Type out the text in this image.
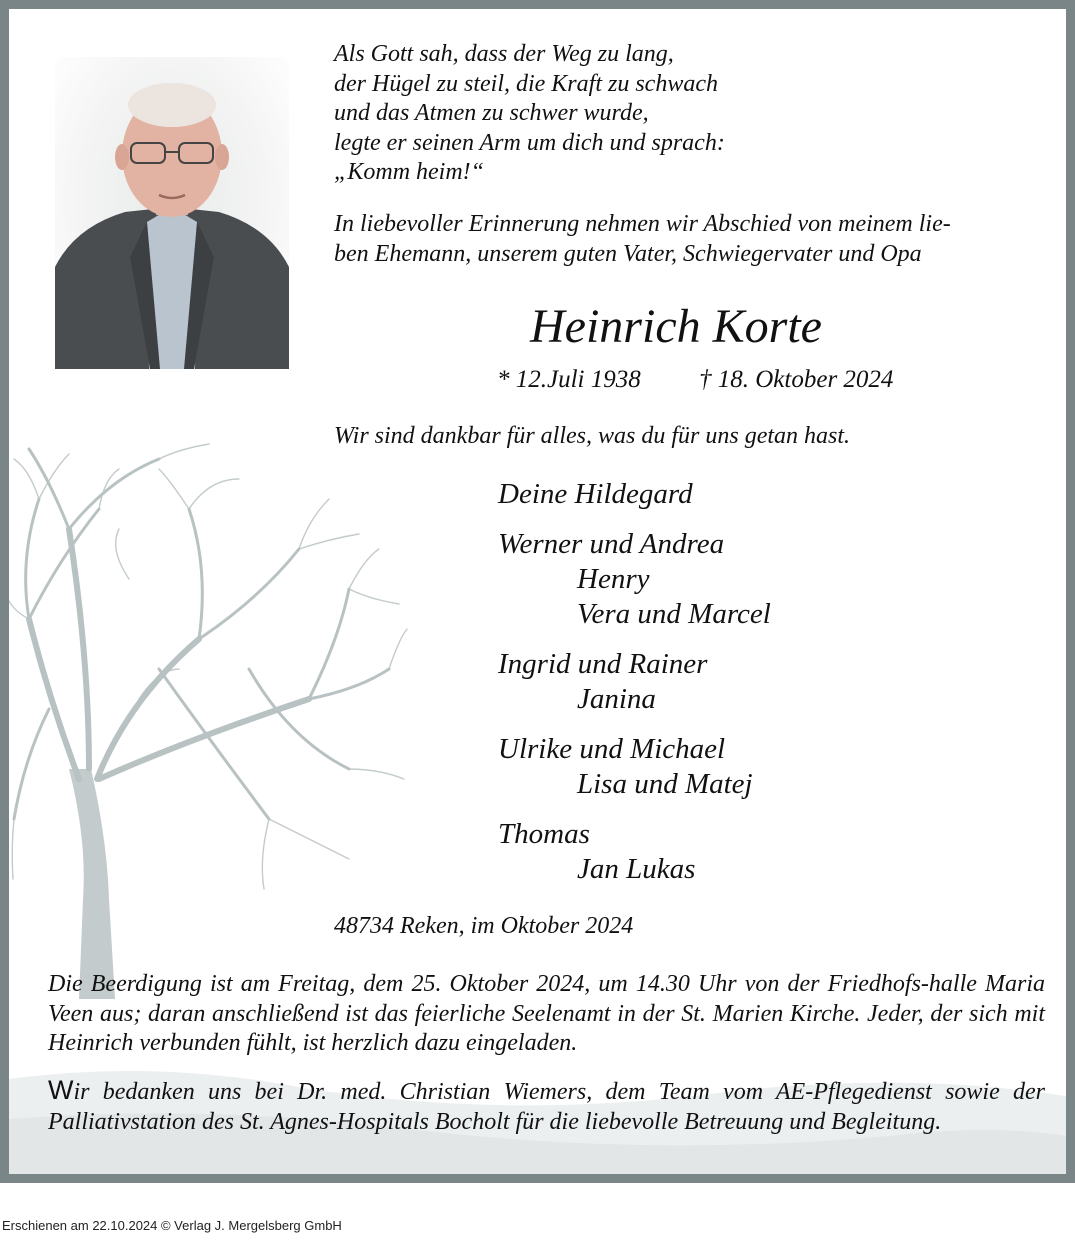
Als Gott sah, dass der Weg zu lang,
der Hügel zu steil, die Kraft zu schwach
und das Atmen zu schwer wurde,
legte er seinen Arm um dich und sprach:
„Komm heim!“
In liebevoller Erinnerung nehmen wir Abschied von meinem lie-
ben Ehemann, unserem guten Vater, Schwiegervater und Opa
Heinrich Korte
* 12.Juli 1938 † 18. Oktober 2024
Wir sind dankbar für alles, was du für uns getan hast.
Deine Hildegard
Werner und Andrea
Henry
Vera und Marcel
Ingrid und Rainer
Janina
Ulrike und Michael
Lisa und Matej
Thomas
Jan Lukas
48734 Reken, im Oktober 2024
Die Beerdigung ist am Freitag, dem 25. Oktober 2024, um 14.30 Uhr von der Friedhofs-halle Maria Veen aus; daran anschließend ist das feierliche Seelenamt in der St. Marien Kirche. Jeder, der sich mit Heinrich verbunden fühlt, ist herzlich dazu eingeladen.
Wir bedanken uns bei Dr. med. Christian Wiemers, dem Team vom AE-Pflegedienst sowie der Palliativstation des St. Agnes-Hospitals Bocholt für die liebevolle Betreuung und Begleitung.
Erschienen am 22.10.2024 © Verlag J. Mergelsberg GmbH
